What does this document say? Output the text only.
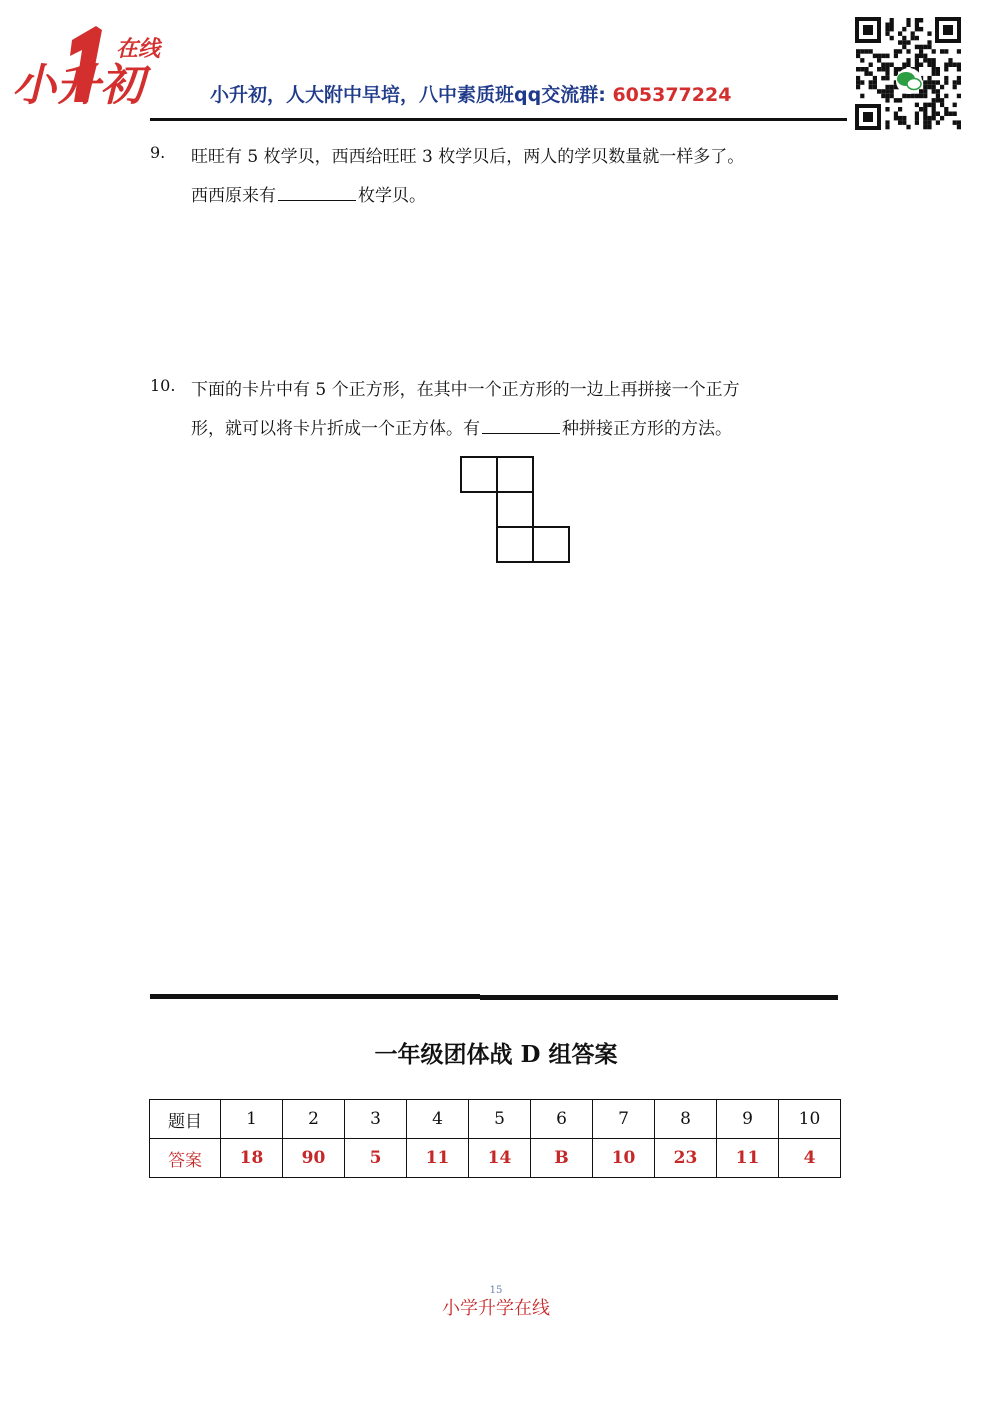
小升初
在线
小升初，人大附中早培，八中素质班qq交流群: 605377224
9. 旺旺有 5 枚学贝，西西给旺旺 3 枚学贝后，两人的学贝数量就一样多了。
西西原来有	枚学贝。
10. 下面的卡片中有 5 个正方形，在其中一个正方形的一边上再拼接一个正方
形，就可以将卡片折成一个正方体。有	种拼接正方形的方法。
一年级团体战 D 组答案
题目	1	2	3	4	5	6	7	8	9	10
答案	18	90	5	11	14	B	10	23	11	4
15
小学升学在线
